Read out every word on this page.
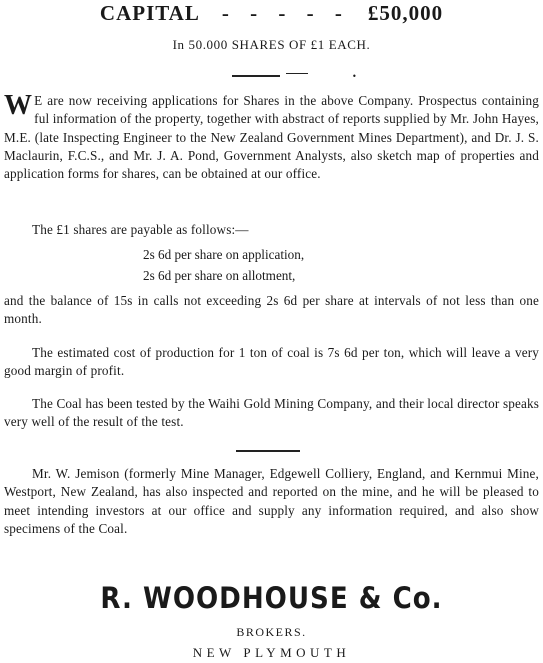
CAPITAL - - - - - £50,000
In 50.000 SHARES OF £1 EACH.
•
W E are now receiving applications for Shares in the above Company. Prospectus containing ful information of the property, together with abstract of reports supplied by Mr. John Hayes, M.E. (late Inspecting Engineer to the New Zealand Government Mines Department), and Dr. J. S. Maclaurin, F.C.S., and Mr. J. A. Pond, Government Analysts, also sketch map of properties and application forms for shares, can be obtained at our office.
The £1 shares are payable as follows:—
2s 6d per share on application,
2s 6d per share on allotment,
and the balance of 15s in calls not exceeding 2s 6d per share at intervals of not less than one month.
The estimated cost of production for 1 ton of coal is 7s 6d per ton, which will leave a very good margin of profit.
The Coal has been tested by the Waihi Gold Mining Company, and their local director speaks very well of the result of the test.
Mr. W. Jemison (formerly Mine Manager, Edgewell Colliery, England, and Kernmui Mine, Westport, New Zealand, has also inspected and reported on the mine, and he will be pleased to meet intending investors at our office and supply any information required, and also show specimens of the Coal.
R. WOODHOUSE & Co.
BROKERS.
NEW PLYMOUTH
